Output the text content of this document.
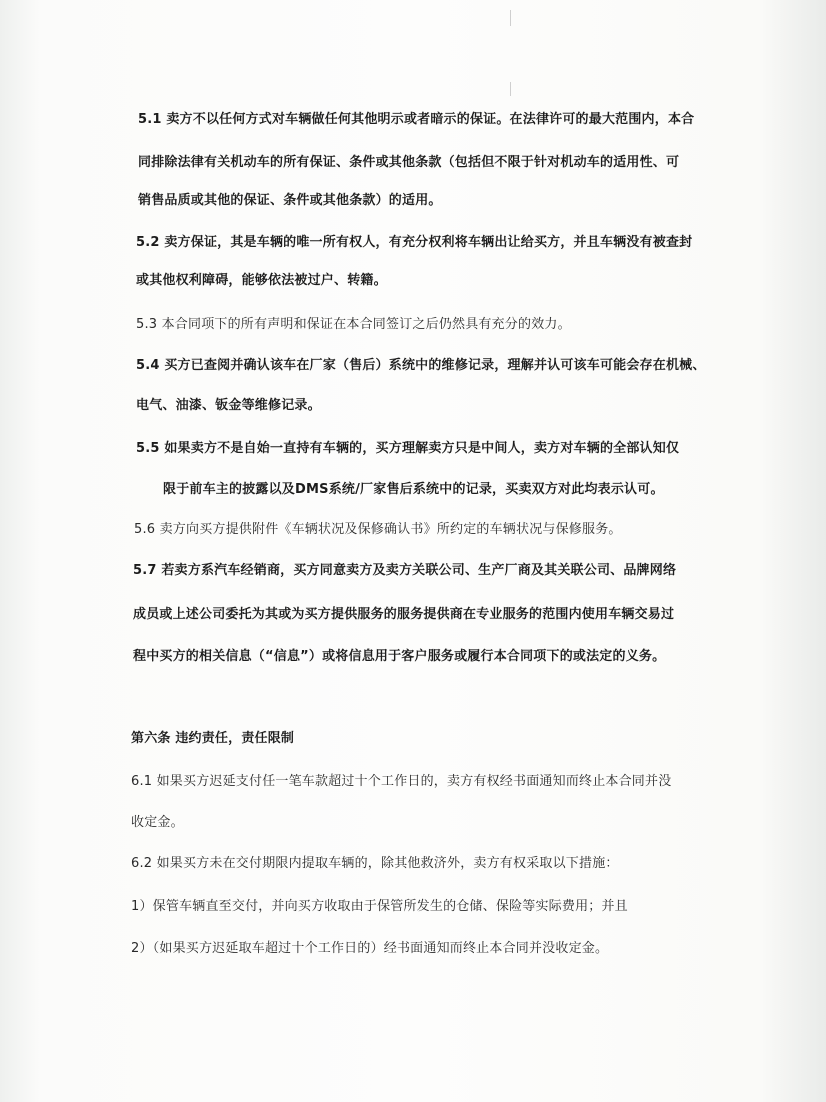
5.1 卖方不以任何方式对车辆做任何其他明示或者暗示的保证。在法律许可的最大范围内，本合
同排除法律有关机动车的所有保证、条件或其他条款（包括但不限于针对机动车的适用性、可
销售品质或其他的保证、条件或其他条款）的适用。
5.2 卖方保证，其是车辆的唯一所有权人，有充分权利将车辆出让给买方，并且车辆没有被查封
或其他权利障碍，能够依法被过户、转籍。
5.3 本合同项下的所有声明和保证在本合同签订之后仍然具有充分的效力。
5.4 买方已查阅并确认该车在厂家（售后）系统中的维修记录，理解并认可该车可能会存在机械、
电气、油漆、钣金等维修记录。
5.5 如果卖方不是自始一直持有车辆的，买方理解卖方只是中间人，卖方对车辆的全部认知仅
限于前车主的披露以及DMS系统/厂家售后系统中的记录，买卖双方对此均表示认可。
5.6 卖方向买方提供附件《车辆状况及保修确认书》所约定的车辆状况与保修服务。
5.7 若卖方系汽车经销商，买方同意卖方及卖方关联公司、生产厂商及其关联公司、品牌网络
成员或上述公司委托为其或为买方提供服务的服务提供商在专业服务的范围内使用车辆交易过
程中买方的相关信息（“信息”）或将信息用于客户服务或履行本合同项下的或法定的义务。
第六条 违约责任，责任限制
6.1 如果买方迟延支付任一笔车款超过十个工作日的，卖方有权经书面通知而终止本合同并没
收定金。
6.2 如果买方未在交付期限内提取车辆的，除其他救济外，卖方有权采取以下措施：
1）保管车辆直至交付，并向买方收取由于保管所发生的仓储、保险等实际费用；并且
2）（如果买方迟延取车超过十个工作日的）经书面通知而终止本合同并没收定金。
